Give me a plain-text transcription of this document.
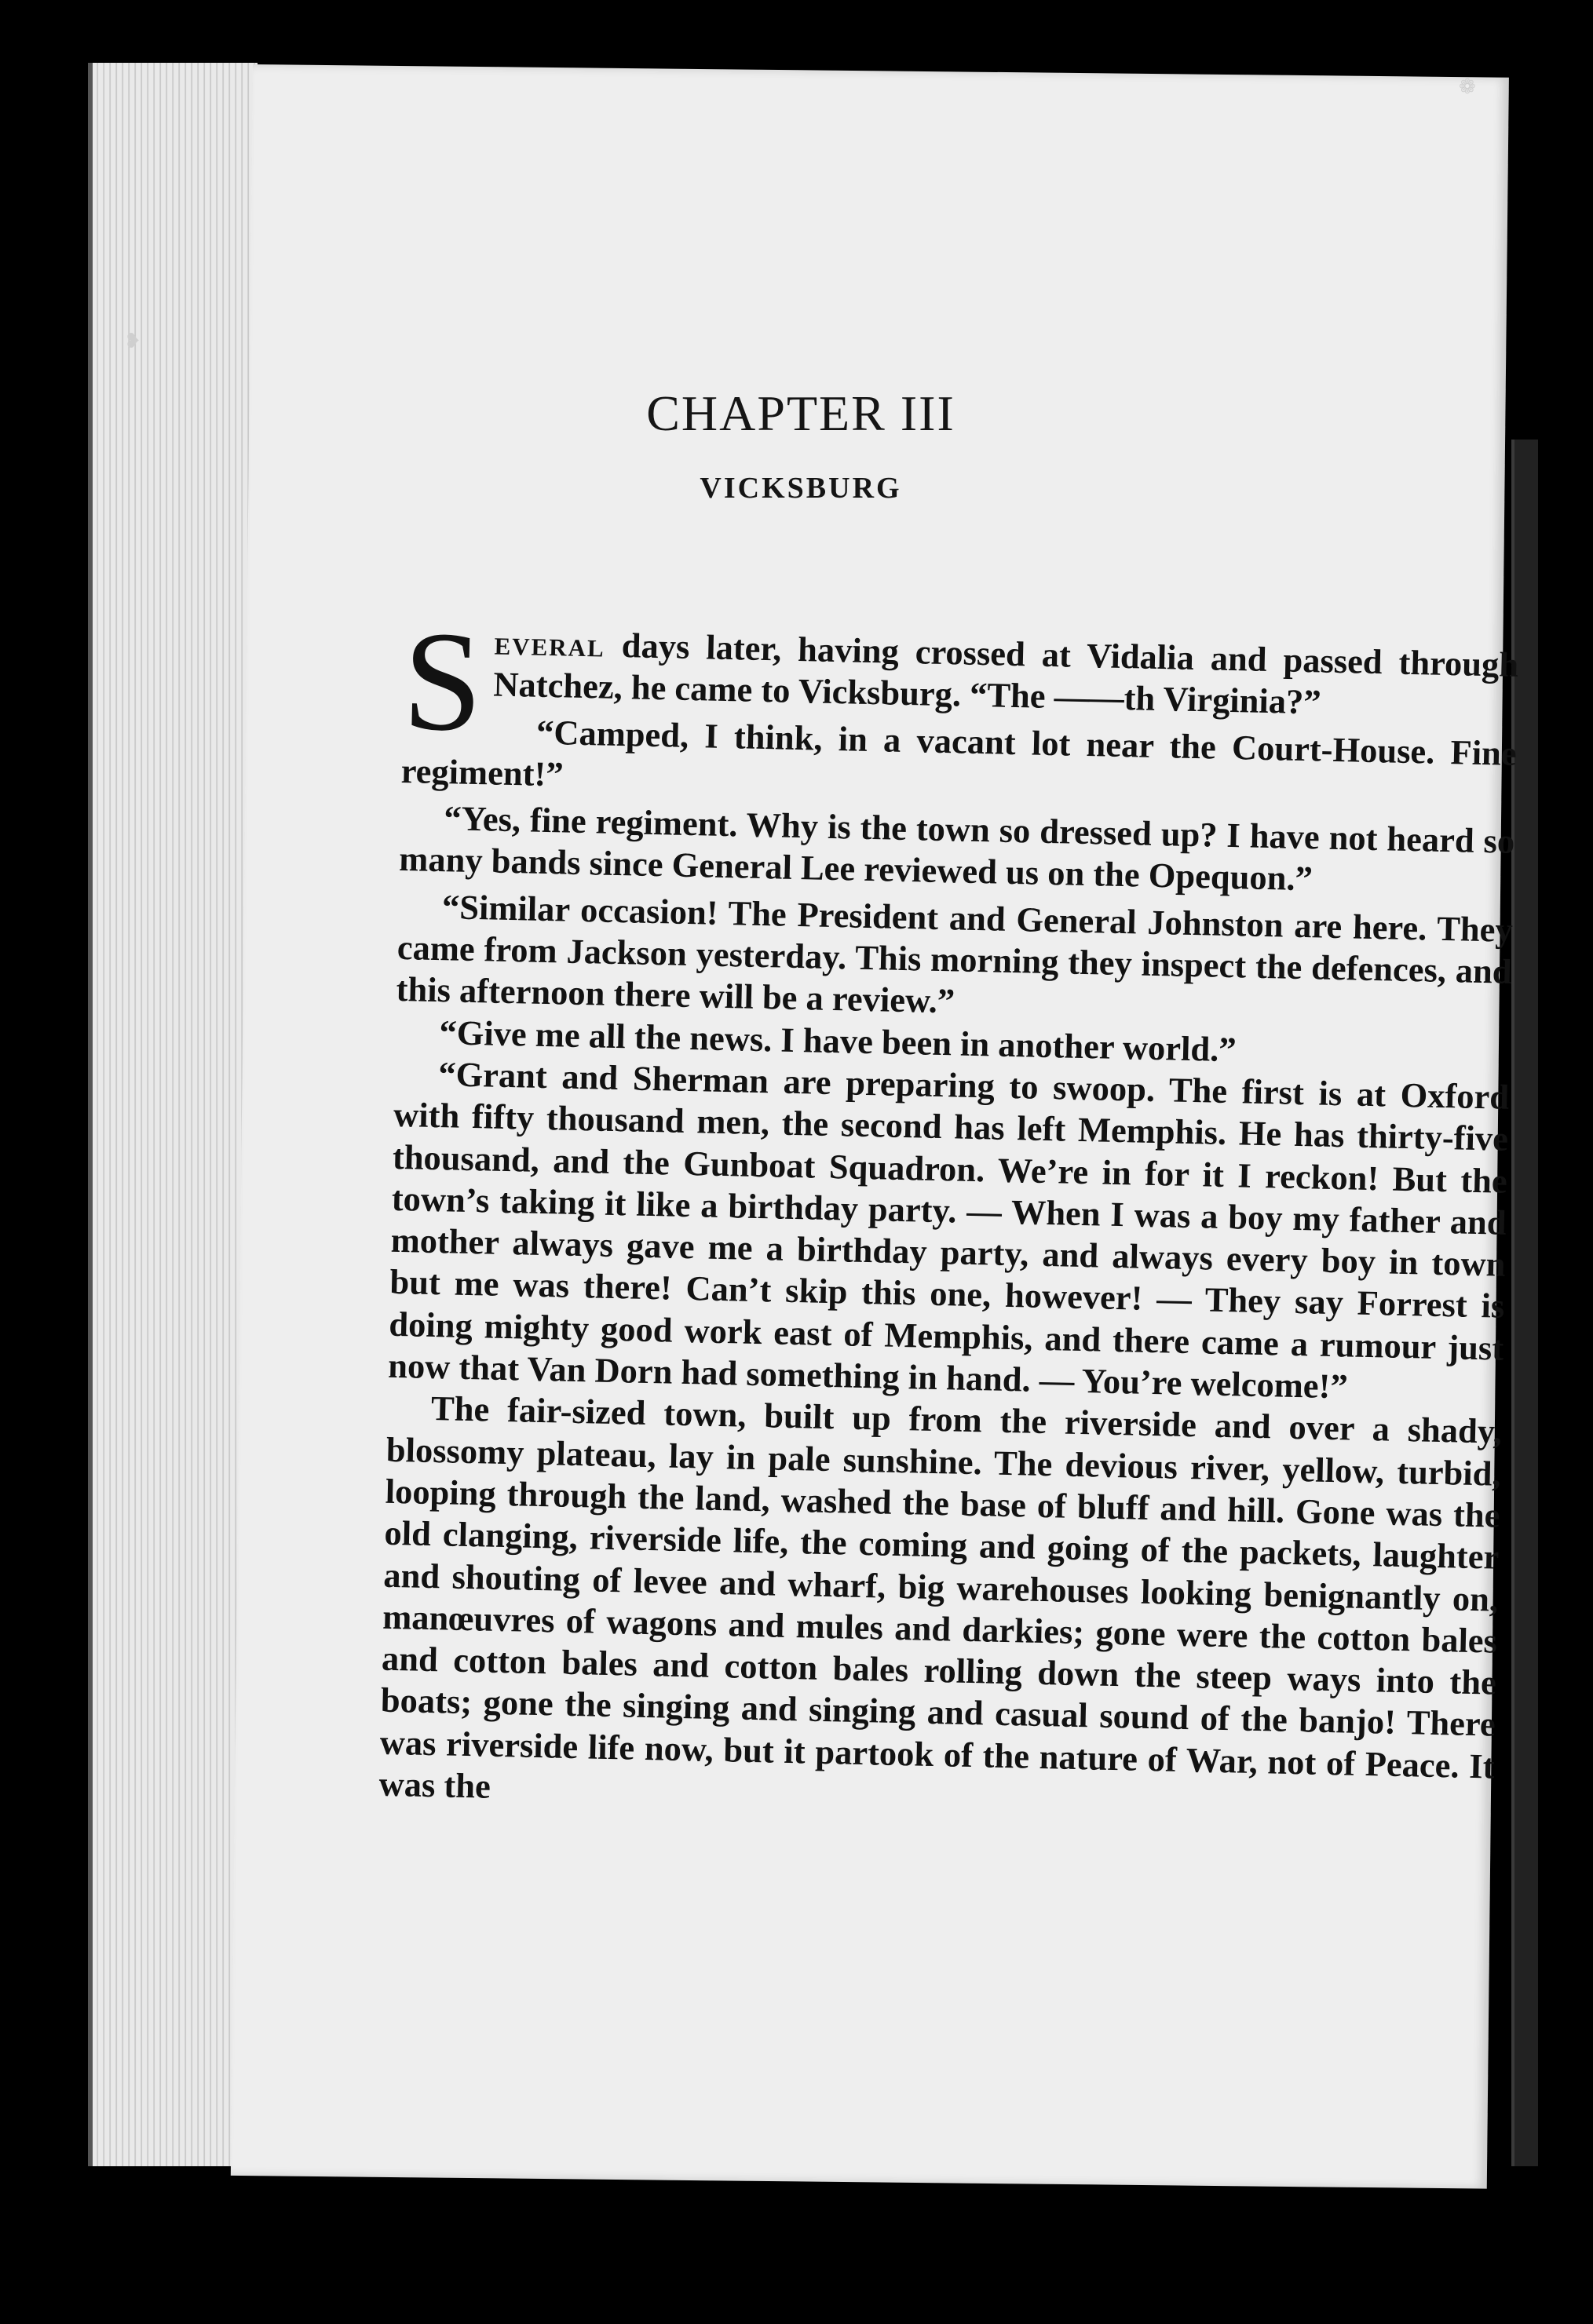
❁
❥
CHAPTER III
VICKSBURG

S everal days later, having crossed at Vidalia and passed through Natchez, he came to Vicksburg. “The ——th Virginia?”

“Camped, I think, in a vacant lot near the Court-House. Fine regiment!”

“Yes, fine regiment. Why is the town so dressed up? I have not heard so many bands since General Lee reviewed us on the Opequon.”

“Similar occasion! The President and General Johnston are here. They came from Jackson yesterday. This morning they inspect the defences, and this afternoon there will be a review.”

“Give me all the news. I have been in another world.”

“Grant and Sherman are preparing to swoop. The first is at Oxford with fifty thousand men, the second has left Memphis. He has thirty-five thousand, and the Gunboat Squadron. We’re in for it I reckon! But the town’s taking it like a birthday party. — When I was a boy my father and mother always gave me a birthday party, and always every boy in town but me was there! Can’t skip this one, however! — They say Forrest is doing mighty good work east of Memphis, and there came a rumour just now that Van Dorn had something in hand. — You’re welcome!”

The fair-sized town, built up from the riverside and over a shady, blossomy plateau, lay in pale sunshine. The devious river, yellow, turbid, looping through the land, washed the base of bluff and hill. Gone was the old clanging, riverside life, the coming and going of the packets, laughter and shouting of levee and wharf, big warehouses looking benignantly on, manœuvres of wagons and mules and darkies; gone were the cotton bales and cotton bales and cotton bales rolling down the steep ways into the boats; gone the singing and singing and casual sound of the banjo! There was riverside life now, but it partook of the nature of War, not of Peace. It was the
